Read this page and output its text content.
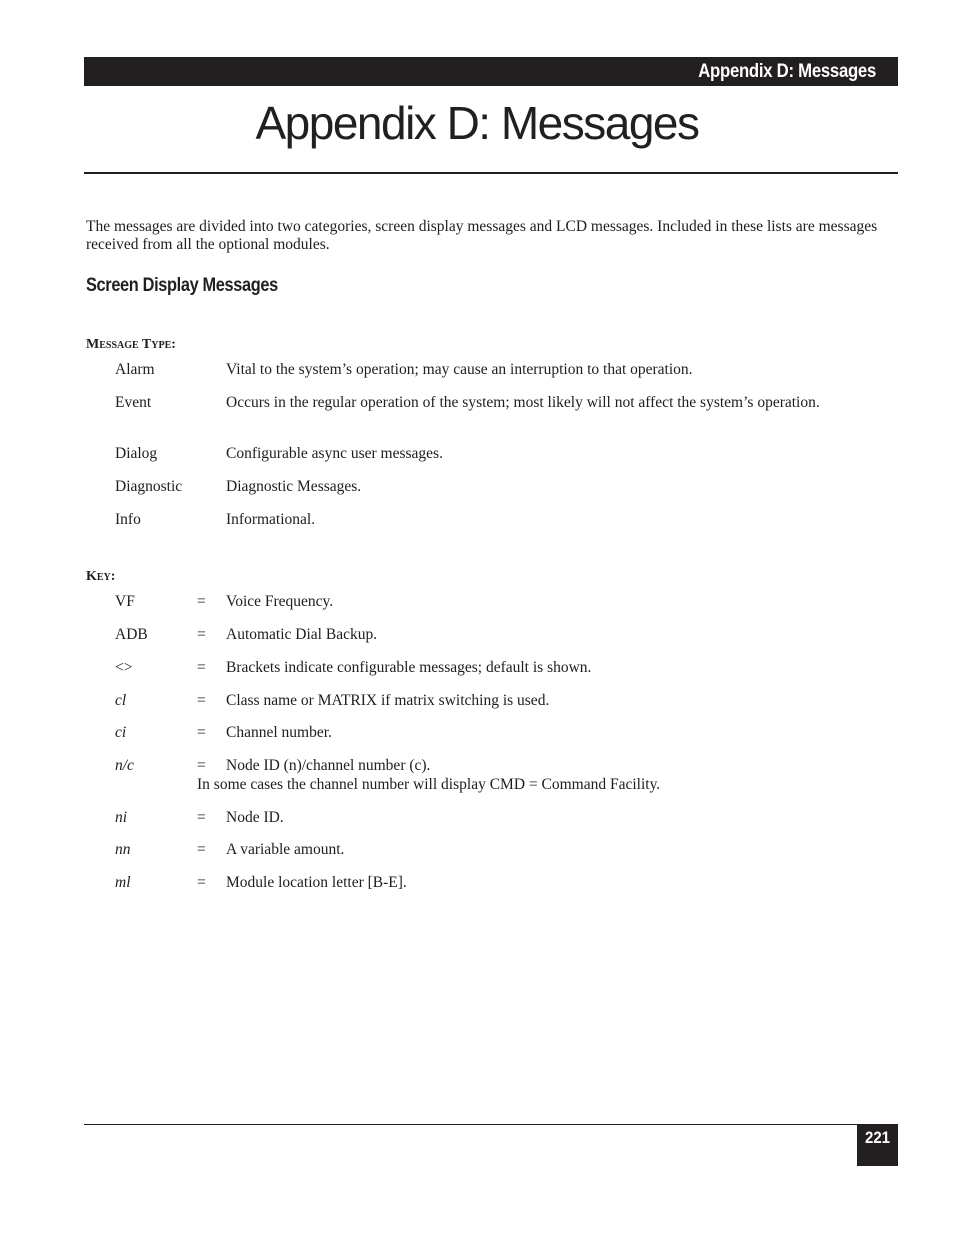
Appendix D: Messages
Appendix D: Messages

The messages are divided into two categories, screen display messages and LCD messages. Included in these lists are messages received from all the optional modules.

Screen Display Messages
Message Type:
Alarm	Vital to the system’s operation; may cause an interruption to that operation.
Event	Occurs in the regular operation of the system; most likely will not affect the system’s operation.
Dialog	Configurable async user messages.
Diagnostic	Diagnostic Messages.
Info	Informational.
Key:
VF	= Voice Frequency.
ADB	= Automatic Dial Backup.
<>	= Brackets indicate configurable messages; default is shown.
cl	= Class name or MATRIX if matrix switching is used.
ci	= Channel number.
n/c	= Node ID (n)/channel number (c).
In some cases the channel number will display CMD = Command Facility.
ni	= Node ID.
nn	= A variable amount.
ml	= Module location letter [B-E].
221
